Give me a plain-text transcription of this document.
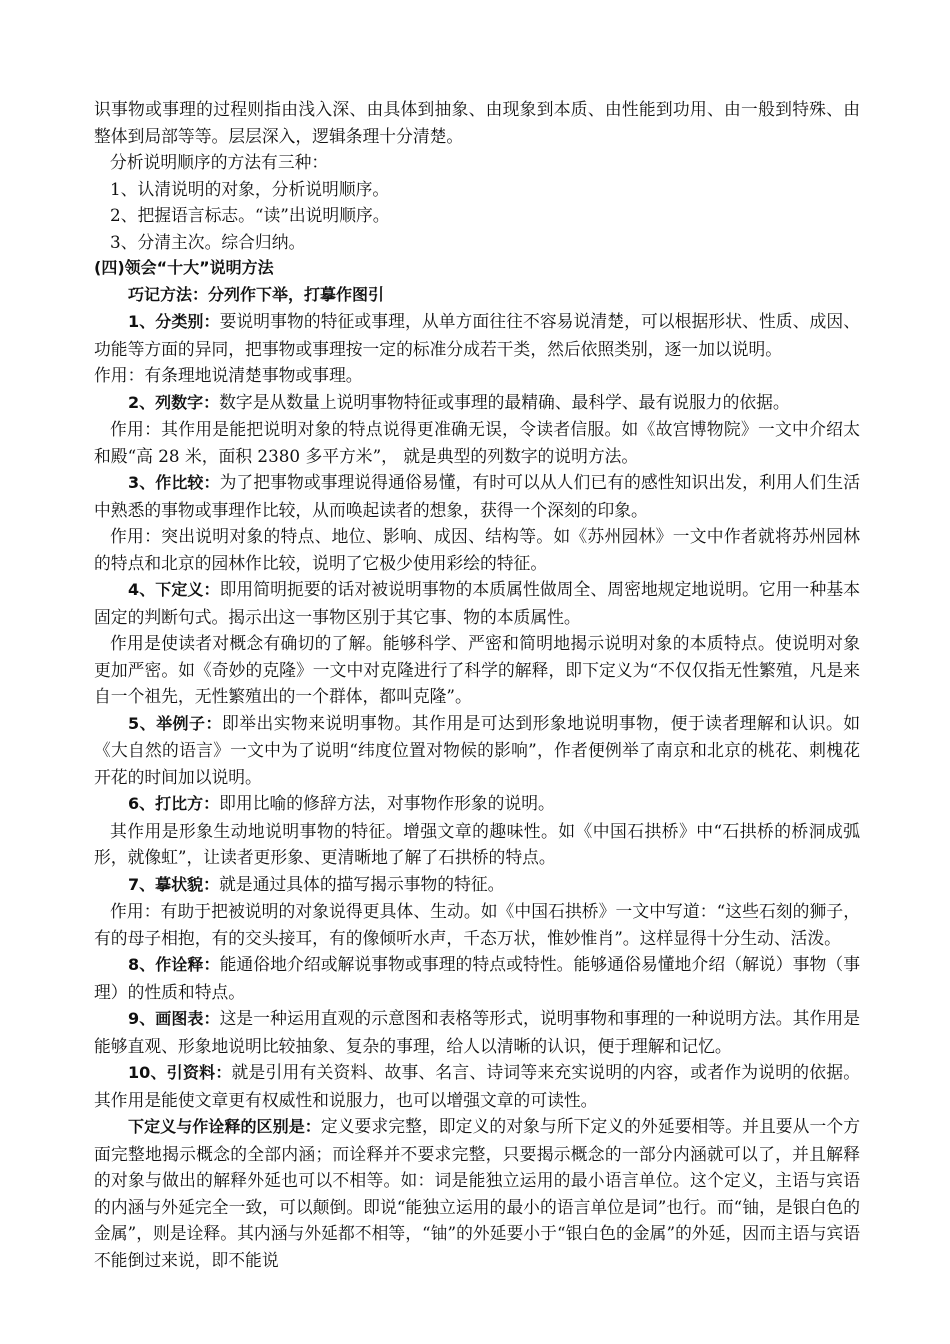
识事物或事理的过程则指由浅入深、由具体到抽象、由现象到本质、由性能到功用、由一般到特殊、由整体到局部等等。层层深入，逻辑条理十分清楚。

分析说明顺序的方法有三种：

1、认清说明的对象，分析说明顺序。

2、把握语言标志。“读”出说明顺序。

3、分清主次。综合归纳。

(四)领会“十大”说明方法

巧记方法：分列作下举，打摹作图引

1、分类别：要说明事物的特征或事理，从单方面往往不容易说清楚，可以根据形状、性质、成因、功能等方面的异同，把事物或事理按一定的标准分成若干类，然后依照类别，逐一加以说明。

作用：有条理地说清楚事物或事理。

2、列数字：数字是从数量上说明事物特征或事理的最精确、最科学、最有说服力的依据。

作用：其作用是能把说明对象的特点说得更准确无误，令读者信服。如《故宫博物院》一文中介绍太和殿“高 28 米，面积 2380 多平方米”， 就是典型的列数字的说明方法。

3、作比较：为了把事物或事理说得通俗易懂，有时可以从人们已有的感性知识出发，利用人们生活中熟悉的事物或事理作比较，从而唤起读者的想象，获得一个深刻的印象。

作用：突出说明对象的特点、地位、影响、成因、结构等。如《苏州园林》一文中作者就将苏州园林的特点和北京的园林作比较，说明了它极少使用彩绘的特征。

4、下定义：即用简明扼要的话对被说明事物的本质属性做周全、周密地规定地说明。它用一种基本固定的判断句式。揭示出这一事物区别于其它事、物的本质属性。

作用是使读者对概念有确切的了解。能够科学、严密和简明地揭示说明对象的本质特点。使说明对象更加严密。如《奇妙的克隆》一文中对克隆进行了科学的解释，即下定义为“不仅仅指无性繁殖，凡是来自一个祖先，无性繁殖出的一个群体，都叫克隆”。

5、举例子：即举出实物来说明事物。其作用是可达到形象地说明事物，便于读者理解和认识。如《大自然的语言》一文中为了说明“纬度位置对物候的影响”，作者便例举了南京和北京的桃花、刺槐花开花的时间加以说明。

6、打比方：即用比喻的修辞方法，对事物作形象的说明。

其作用是形象生动地说明事物的特征。增强文章的趣味性。如《中国石拱桥》中“石拱桥的桥洞成弧形，就像虹”，让读者更形象、更清晰地了解了石拱桥的特点。

7、摹状貌：就是通过具体的描写揭示事物的特征。

作用：有助于把被说明的对象说得更具体、生动。如《中国石拱桥》一文中写道：“这些石刻的狮子，有的母子相抱，有的交头接耳，有的像倾听水声，千态万状，惟妙惟肖”。这样显得十分生动、活泼。

8、作诠释：能通俗地介绍或解说事物或事理的特点或特性。能够通俗易懂地介绍（解说）事物（事理）的性质和特点。

9、画图表：这是一种运用直观的示意图和表格等形式，说明事物和事理的一种说明方法。其作用是能够直观、形象地说明比较抽象、复杂的事理，给人以清晰的认识，便于理解和记忆。

10、引资料：就是引用有关资料、故事、名言、诗词等来充实说明的内容，或者作为说明的依据。其作用是能使文章更有权威性和说服力，也可以增强文章的可读性。

下定义与作诠释的区别是：定义要求完整，即定义的对象与所下定义的外延要相等。并且要从一个方面完整地揭示概念的全部内涵；而诠释并不要求完整，只要揭示概念的一部分内涵就可以了，并且解释的对象与做出的解释外延也可以不相等。如：词是能独立运用的最小语言单位。这个定义，主语与宾语的内涵与外延完全一致，可以颠倒。即说“能独立运用的最小的语言单位是词”也行。而“铀，是银白色的金属”，则是诠释。其内涵与外延都不相等，“铀”的外延要小于“银白色的金属”的外延，因而主语与宾语不能倒过来说，即不能说
